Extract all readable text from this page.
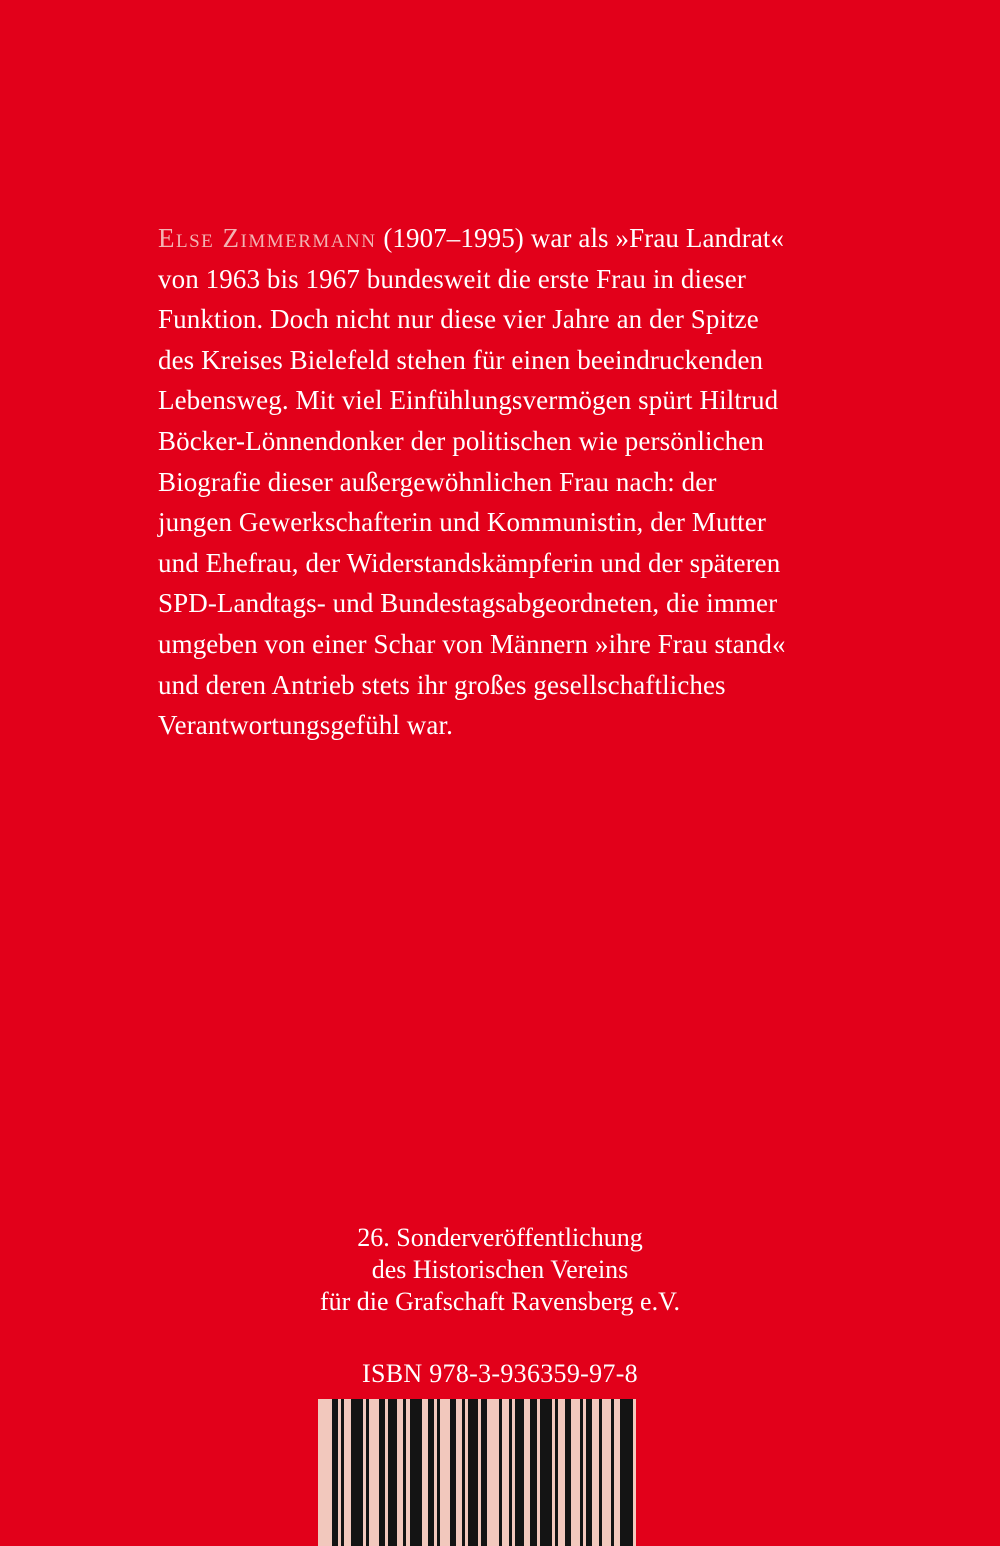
Else Zimmermann (1907–1995) war als »Frau Landrat«
von 1963 bis 1967 bundesweit die erste Frau in dieser
Funktion. Doch nicht nur diese vier Jahre an der Spitze
des Kreises Bielefeld stehen für einen beeindruckenden
Lebensweg. Mit viel Einfühlungsvermögen spürt Hiltrud
Böcker-Lönnendonker der politischen wie persönlichen
Biografie dieser außergewöhnlichen Frau nach: der
jungen Gewerkschafterin und Kommunistin, der Mutter
und Ehefrau, der Widerstandskämpferin und der späteren
SPD-Landtags- und Bundestagsabgeordneten, die immer
umgeben von einer Schar von Männern »ihre Frau stand«
und deren Antrieb stets ihr großes gesellschaftliches
Verantwortungsgefühl war.
26. Sonderveröffentlichung
des Historischen Vereins
für die Grafschaft Ravensberg e.V.
ISBN 978-3-936359-97-8
